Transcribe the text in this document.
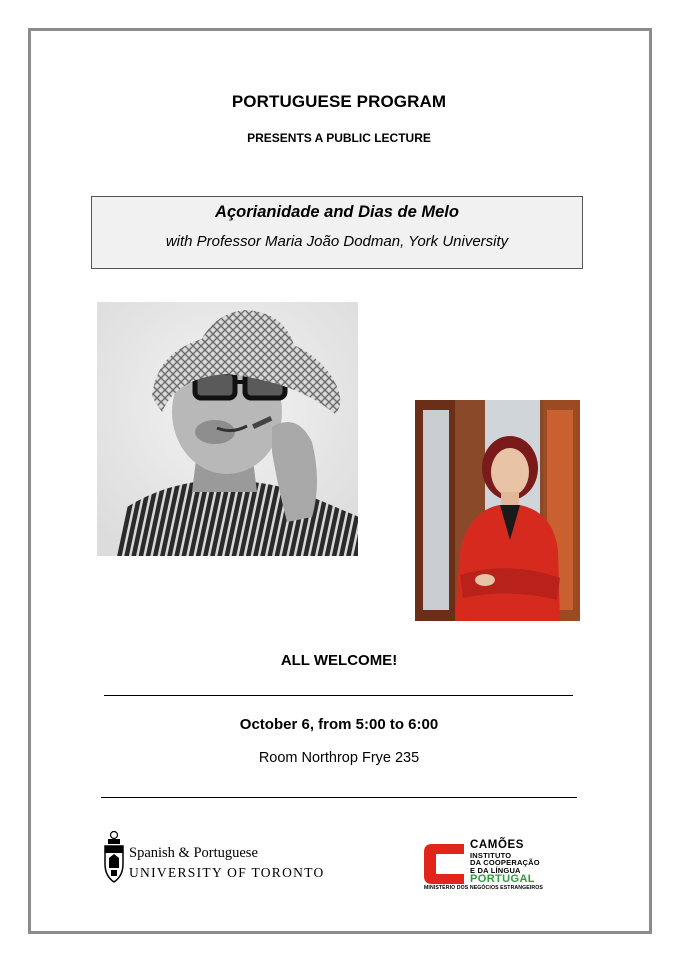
PORTUGUESE PROGRAM
PRESENTS A PUBLIC LECTURE
Açorianidade and Dias de Melo
with Professor Maria João Dodman, York University
ALL WELCOME!
October 6, from 5:00 to 6:00
Room Northrop Frye 235
Spanish & Portuguese
UNIVERSITY OF TORONTO
CAMÕES
INSTITUTO
DA COOPERAÇÃO
E DA LÍNGUA
PORTUGAL
MINISTÉRIO DOS NEGÓCIOS ESTRANGEIROS
